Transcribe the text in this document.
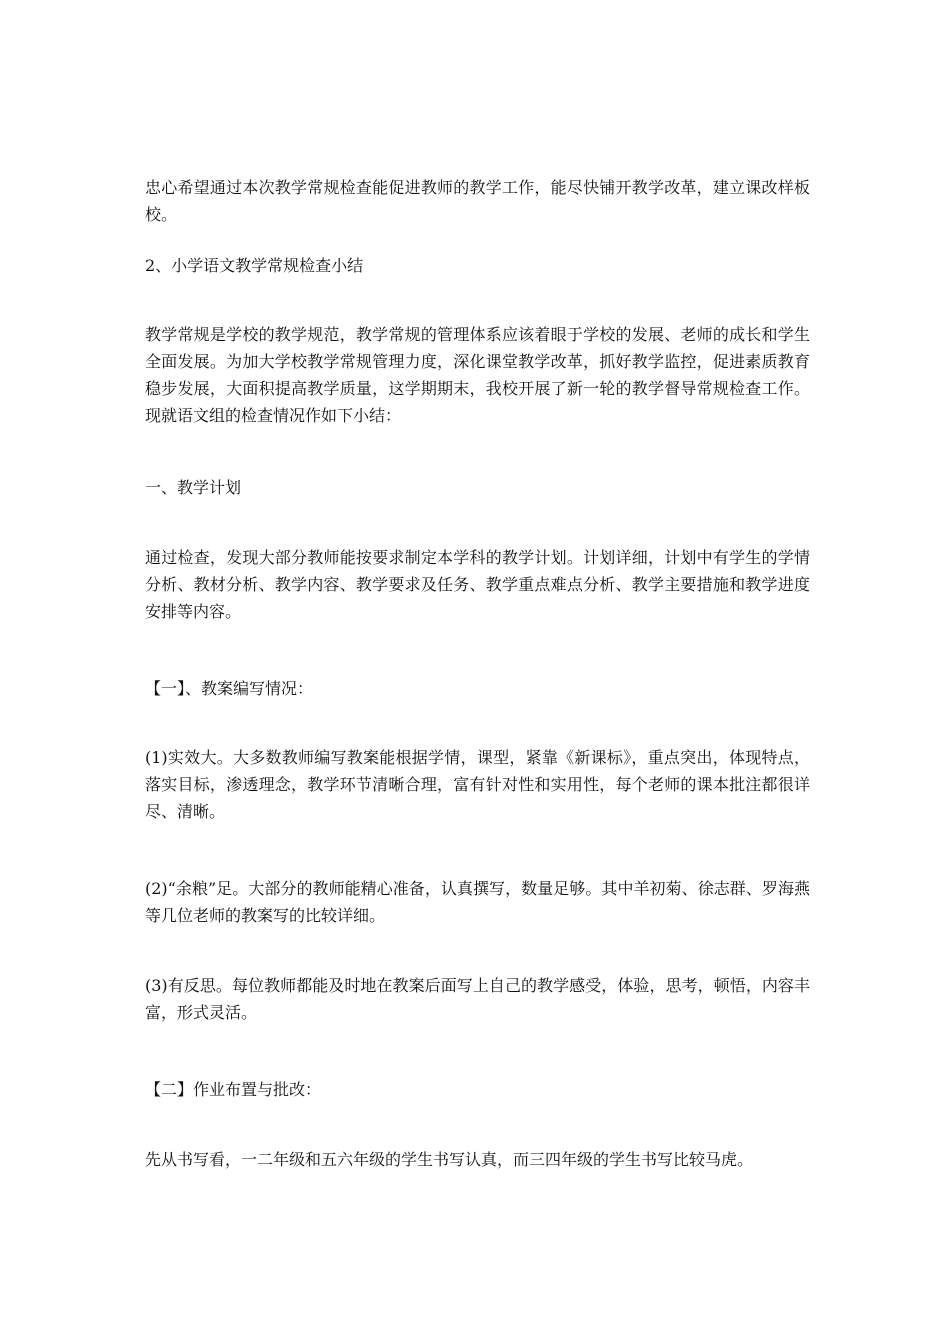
忠心希望通过本次教学常规检查能促进教师的教学工作，能尽快铺开教学改革，建立课改样板校。

2、小学语文教学常规检查小结

教学常规是学校的教学规范，教学常规的管理体系应该着眼于学校的发展、老师的成长和学生全面发展。为加大学校教学常规管理力度，深化课堂教学改革，抓好教学监控，促进素质教育稳步发展，大面积提高教学质量，这学期期末，我校开展了新一轮的教学督导常规检查工作。现就语文组的检查情况作如下小结：

一、教学计划

通过检查，发现大部分教师能按要求制定本学科的教学计划。计划详细，计划中有学生的学情分析、教材分析、教学内容、教学要求及任务、教学重点难点分析、教学主要措施和教学进度安排等内容。

【一】、教案编写情况：

(1)实效大。大多数教师编写教案能根据学情，课型，紧靠《新课标》，重点突出，体现特点，落实目标，渗透理念，教学环节清晰合理，富有针对性和实用性，每个老师的课本批注都很详尽、清晰。

(2)“余粮”足。大部分的教师能精心准备，认真撰写，数量足够。其中羊初菊、徐志群、罗海燕等几位老师的教案写的比较详细。

(3)有反思。每位教师都能及时地在教案后面写上自己的教学感受，体验，思考，顿悟，内容丰富，形式灵活。

【二】作业布置与批改：

先从书写看，一二年级和五六年级的学生书写认真，而三四年级的学生书写比较马虎。
